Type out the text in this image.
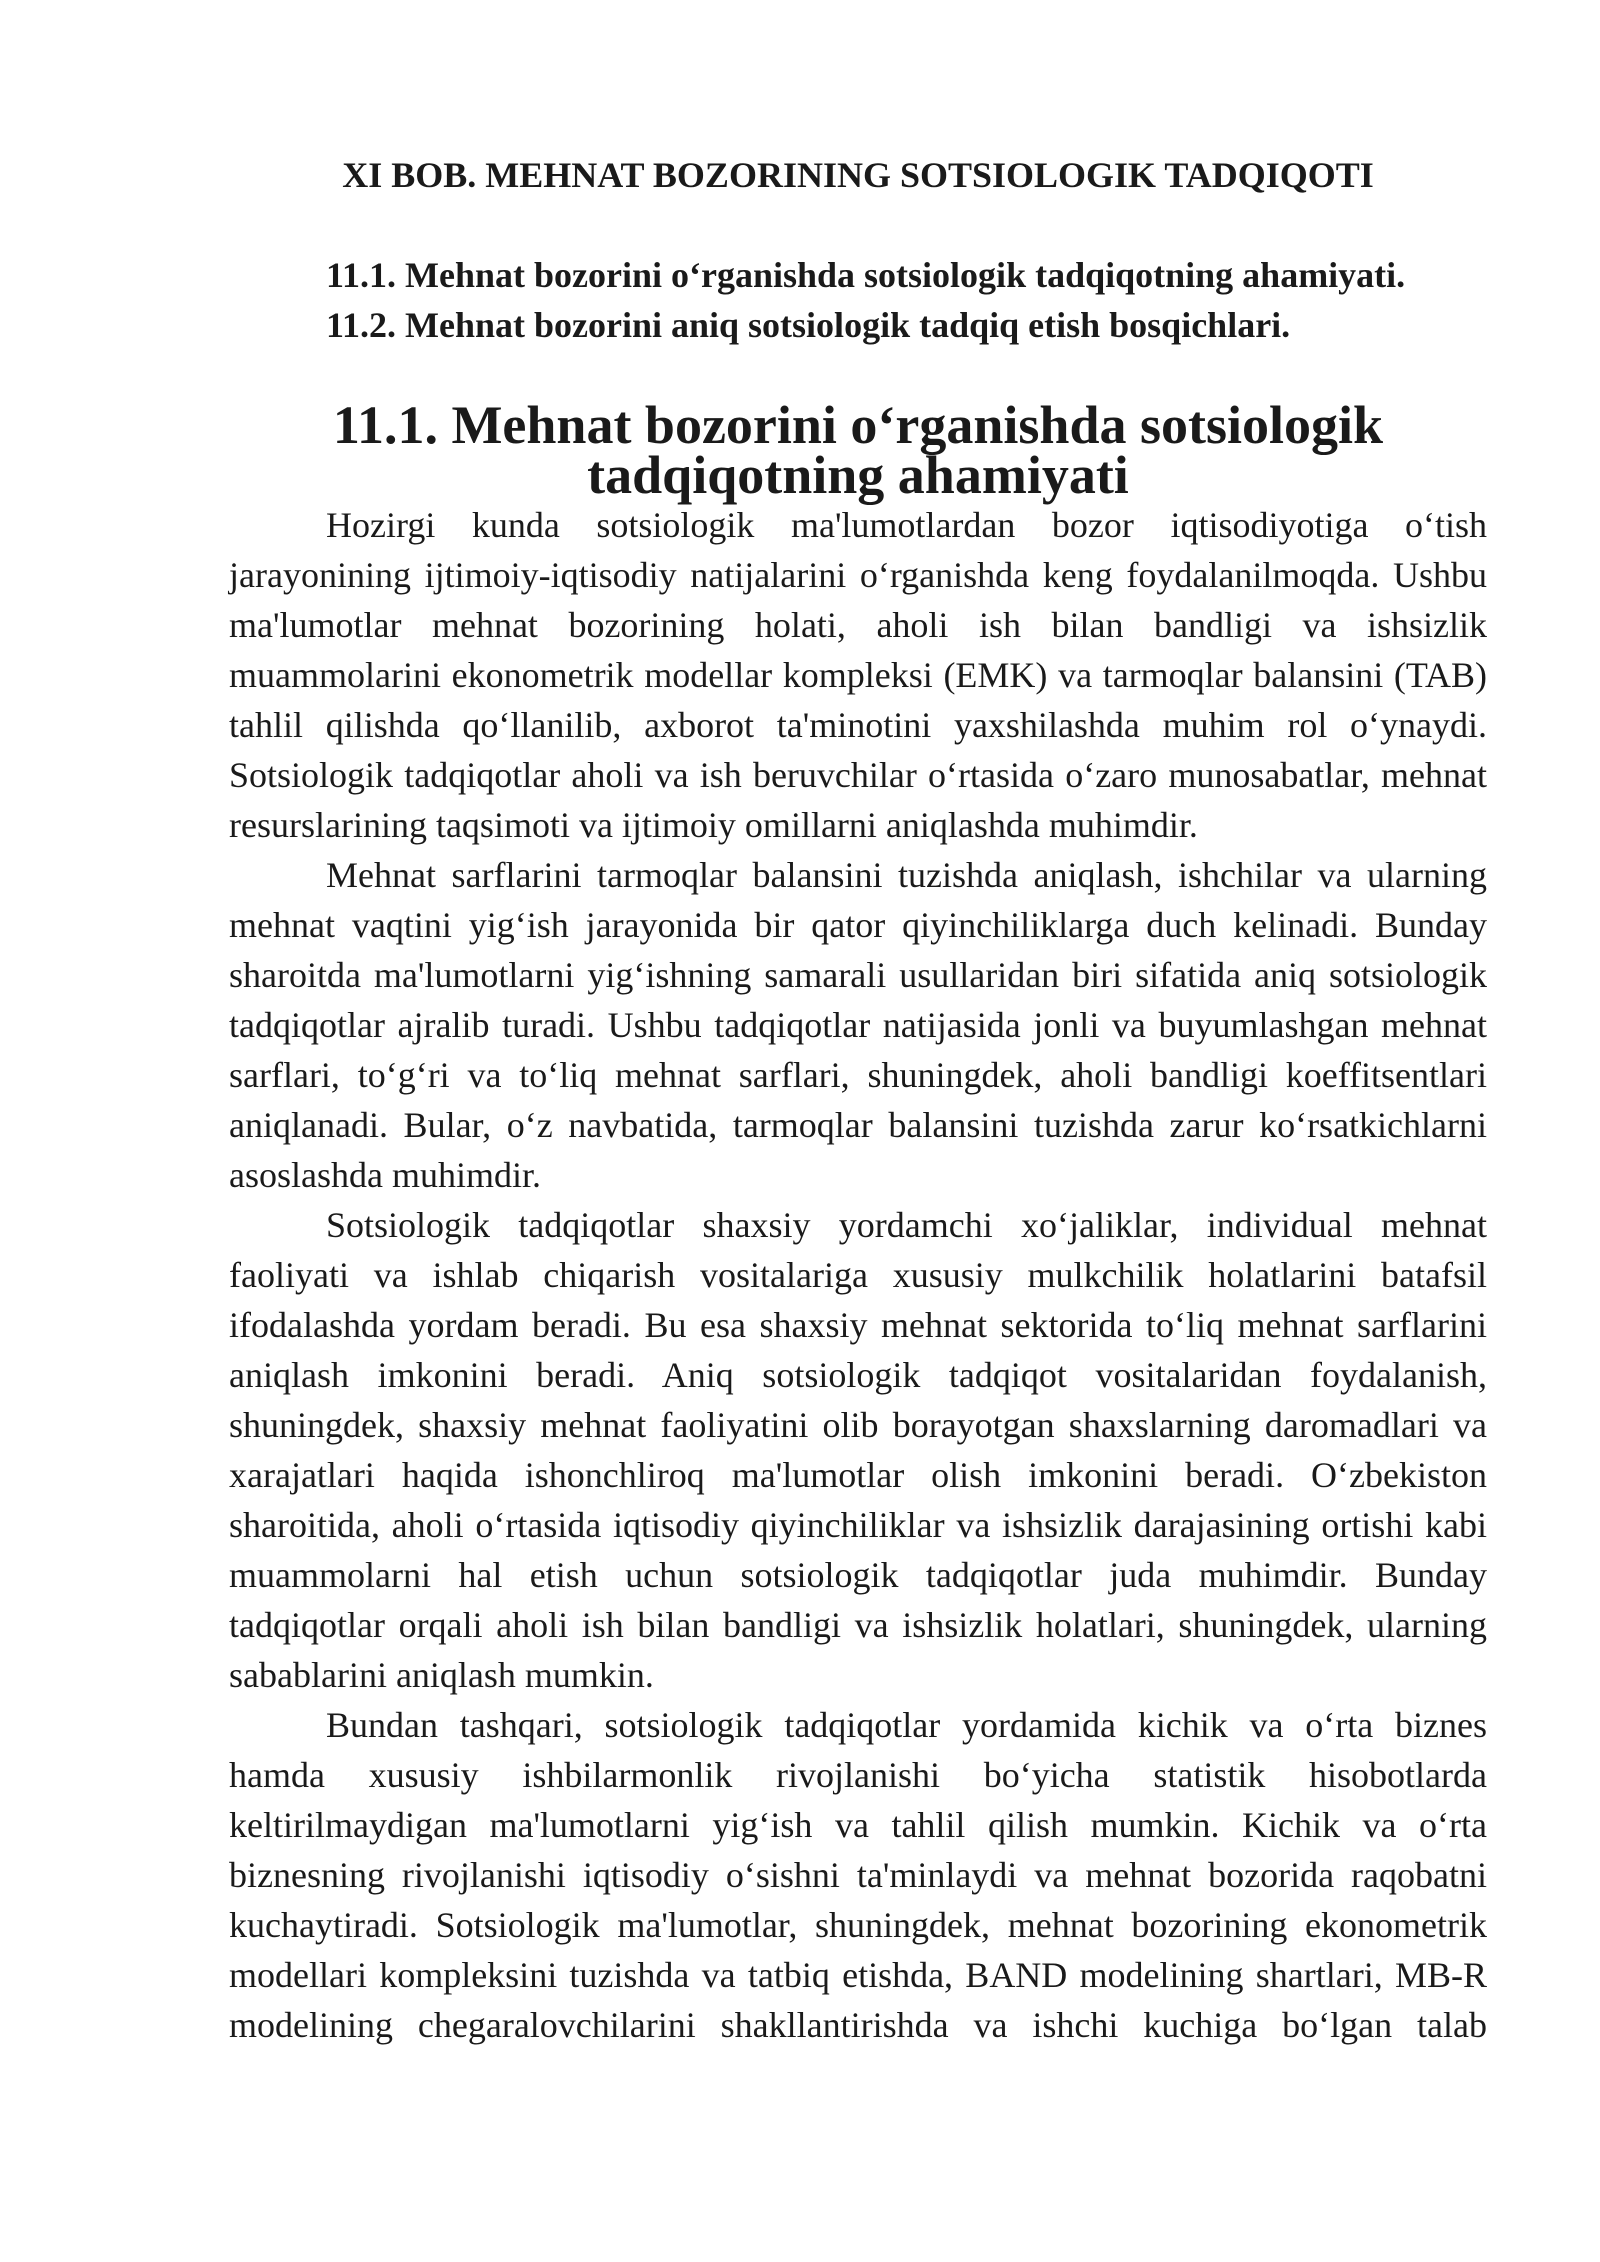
XI BOB. MEHNAT BOZORINING SOTSIOLOGIK TADQIQOTI

11.1. Mehnat bozorini o‘rganishda sotsiologik tadqiqotning ahamiyati.

11.2. Mehnat bozorini aniq sotsiologik tadqiq etish bosqichlari.

11.1. Mehnat bozorini o‘rganishda sotsiologik tadqiqotning ahamiyati

Hozirgi kunda sotsiologik ma'lumotlardan bozor iqtisodiyotiga o‘tish jarayonining ijtimoiy-iqtisodiy natijalarini o‘rganishda keng foydalanilmoqda. Ushbu ma'lumotlar mehnat bozorining holati, aholi ish bilan bandligi va ishsizlik muammolarini ekonometrik modellar kompleksi (EMK) va tarmoqlar balansini (TAB) tahlil qilishda qo‘llanilib, axborot ta'minotini yaxshilashda muhim rol o‘ynaydi. Sotsiologik tadqiqotlar aholi va ish beruvchilar o‘rtasida o‘zaro munosabatlar, mehnat resurslarining taqsimoti va ijtimoiy omillarni aniqlashda muhimdir.

Mehnat sarflarini tarmoqlar balansini tuzishda aniqlash, ishchilar va ularning mehnat vaqtini yig‘ish jarayonida bir qator qiyinchiliklarga duch kelinadi. Bunday sharoitda ma'lumotlarni yig‘ishning samarali usullaridan biri sifatida aniq sotsiologik tadqiqotlar ajralib turadi. Ushbu tadqiqotlar natijasida jonli va buyumlashgan mehnat sarflari, to‘g‘ri va to‘liq mehnat sarflari, shuningdek, aholi bandligi koeffitsentlari aniqlanadi. Bular, o‘z navbatida, tarmoqlar balansini tuzishda zarur ko‘rsatkichlarni asoslashda muhimdir.

Sotsiologik tadqiqotlar shaxsiy yordamchi xo‘jaliklar, individual mehnat faoliyati va ishlab chiqarish vositalariga xususiy mulkchilik holatlarini batafsil ifodalashda yordam beradi. Bu esa shaxsiy mehnat sektorida to‘liq mehnat sarflarini aniqlash imkonini beradi. Aniq sotsiologik tadqiqot vositalaridan foydalanish, shuningdek, shaxsiy mehnat faoliyatini olib borayotgan shaxslarning daromadlari va xarajatlari haqida ishonchliroq ma'lumotlar olish imkonini beradi. O‘zbekiston sharoitida, aholi o‘rtasida iqtisodiy qiyinchiliklar va ishsizlik darajasining ortishi kabi muammolarni hal etish uchun sotsiologik tadqiqotlar juda muhimdir. Bunday tadqiqotlar orqali aholi ish bilan bandligi va ishsizlik holatlari, shuningdek, ularning sabablarini aniqlash mumkin.

Bundan tashqari, sotsiologik tadqiqotlar yordamida kichik va o‘rta biznes hamda xususiy ishbilarmonlik rivojlanishi bo‘yicha statistik hisobotlarda keltirilmaydigan ma'lumotlarni yig‘ish va tahlil qilish mumkin. Kichik va o‘rta biznesning rivojlanishi iqtisodiy o‘sishni ta'minlaydi va mehnat bozorida raqobatni kuchaytiradi. Sotsiologik ma'lumotlar, shuningdek, mehnat bozorining ekonometrik modellari kompleksini tuzishda va tatbiq etishda, BAND modelining shartlari, MB-R modelining chegaralovchilarini shakllantirishda va ishchi kuchiga bo‘lgan talab
